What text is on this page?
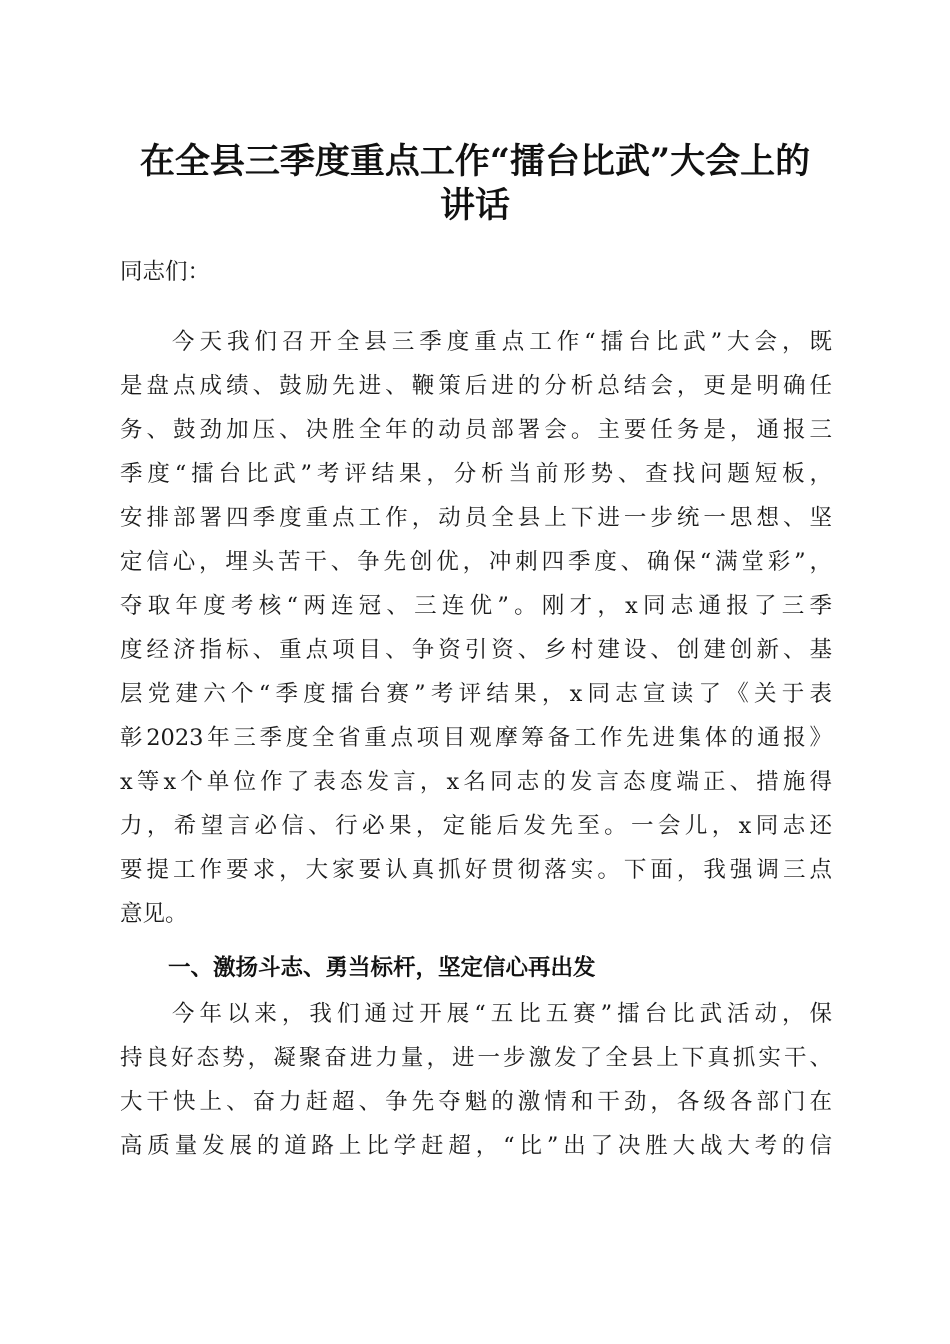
在全县三季度重点工作“擂台比武”大会上的
讲话

同志们：

今天我们召开全县三季度重点工作“擂台比武”大会，既

是盘点成绩、鼓励先进、鞭策后进的分析总结会，更是明确任

务、鼓劲加压、决胜全年的动员部署会。主要任务是，通报三

季度“擂台比武”考评结果，分析当前形势、查找问题短板，

安排部署四季度重点工作，动员全县上下进一步统一思想、坚

定信心，埋头苦干、争先创优，冲刺四季度、确保“满堂彩”，

夺取年度考核“两连冠、三连优”。刚才，x同志通报了三季

度经济指标、重点项目、争资引资、乡村建设、创建创新、基

层党建六个“季度擂台赛”考评结果，x同志宣读了《关于表

彰2023年三季度全省重点项目观摩筹备工作先进集体的通报》

x等x个单位作了表态发言，x名同志的发言态度端正、措施得

力，希望言必信、行必果，定能后发先至。一会儿，x同志还

要提工作要求，大家要认真抓好贯彻落实。下面，我强调三点

意见。

一、激扬斗志、勇当标杆，坚定信心再出发

今年以来，我们通过开展“五比五赛”擂台比武活动，保

持良好态势，凝聚奋进力量，进一步激发了全县上下真抓实干、

大干快上、奋力赶超、争先夺魁的激情和干劲，各级各部门在

高质量发展的道路上比学赶超，“比”出了决胜大战大考的信
